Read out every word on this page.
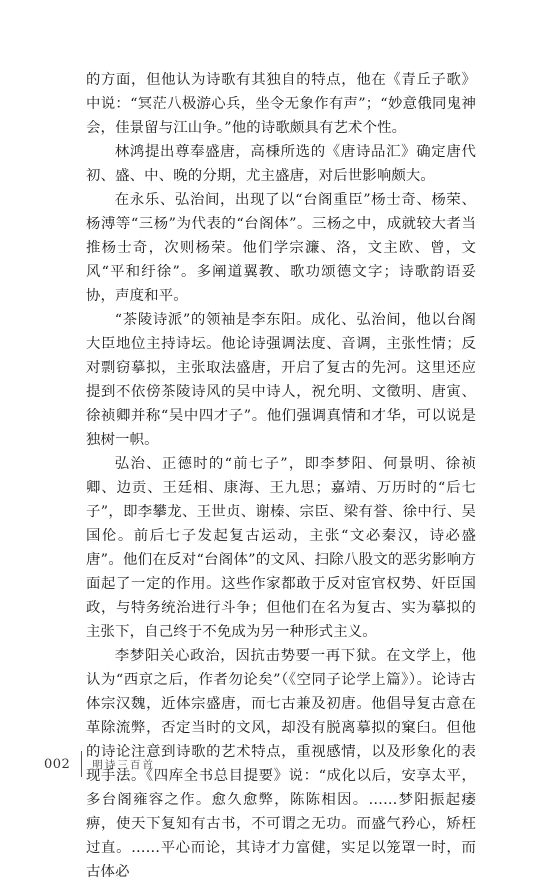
的方面，但他认为诗歌有其独自的特点，他在《青丘子歌》中说：“冥茫八极游心兵，坐令无象作有声”；“妙意俄同鬼神会，佳景留与江山争。”他的诗歌颇具有艺术个性。

林鸿提出尊奉盛唐，高棅所选的《唐诗品汇》确定唐代初、盛、中、晚的分期，尤主盛唐，对后世影响颇大。

在永乐、弘治间，出现了以“台阁重臣”杨士奇、杨荣、杨溥等“三杨”为代表的“台阁体”。三杨之中，成就较大者当推杨士奇，次则杨荣。他们学宗濂、洛，文主欧、曾，文风“平和纡徐”。多阐道翼教、歌功颂德文字；诗歌韵语妥协，声度和平。

“茶陵诗派”的领袖是李东阳。成化、弘治间，他以台阁大臣地位主持诗坛。他论诗强调法度、音调，主张性情；反对剽窃摹拟，主张取法盛唐，开启了复古的先河。这里还应提到不依傍茶陵诗风的吴中诗人，祝允明、文徵明、唐寅、徐祯卿并称“吴中四才子”。他们强调真情和才华，可以说是独树一帜。

弘治、正德时的“前七子”，即李梦阳、何景明、徐祯卿、边贡、王廷相、康海、王九思；嘉靖、万历时的“后七子”，即李攀龙、王世贞、谢榛、宗臣、梁有誉、徐中行、吴国伦。前后七子发起复古运动，主张“文必秦汉，诗必盛唐”。他们在反对“台阁体”的文风、扫除八股文的恶劣影响方面起了一定的作用。这些作家都敢于反对宦官权势、奸臣国政，与特务统治进行斗争；但他们在名为复古、实为摹拟的主张下，自己终于不免成为另一种形式主义。

李梦阳关心政治，因抗击势要一再下狱。在文学上，他认为“西京之后，作者勿论矣”（《空同子论学上篇》）。论诗古体宗汉魏，近体宗盛唐，而七古兼及初唐。他倡导复古意在革除流弊，否定当时的文风，却没有脱离摹拟的窠臼。但他的诗论注意到诗歌的艺术特点，重视感情，以及形象化的表现手法。《四库全书总目提要》说：“成化以后，安享太平，多台阁雍容之作。愈久愈弊，陈陈相因。……梦阳振起痿痹，使天下复知有古书，不可谓之无功。而盛气矜心，矫枉过直。……平心而论，其诗才力富健，实足以笼罩一时，而古体必

002 明诗三百首
